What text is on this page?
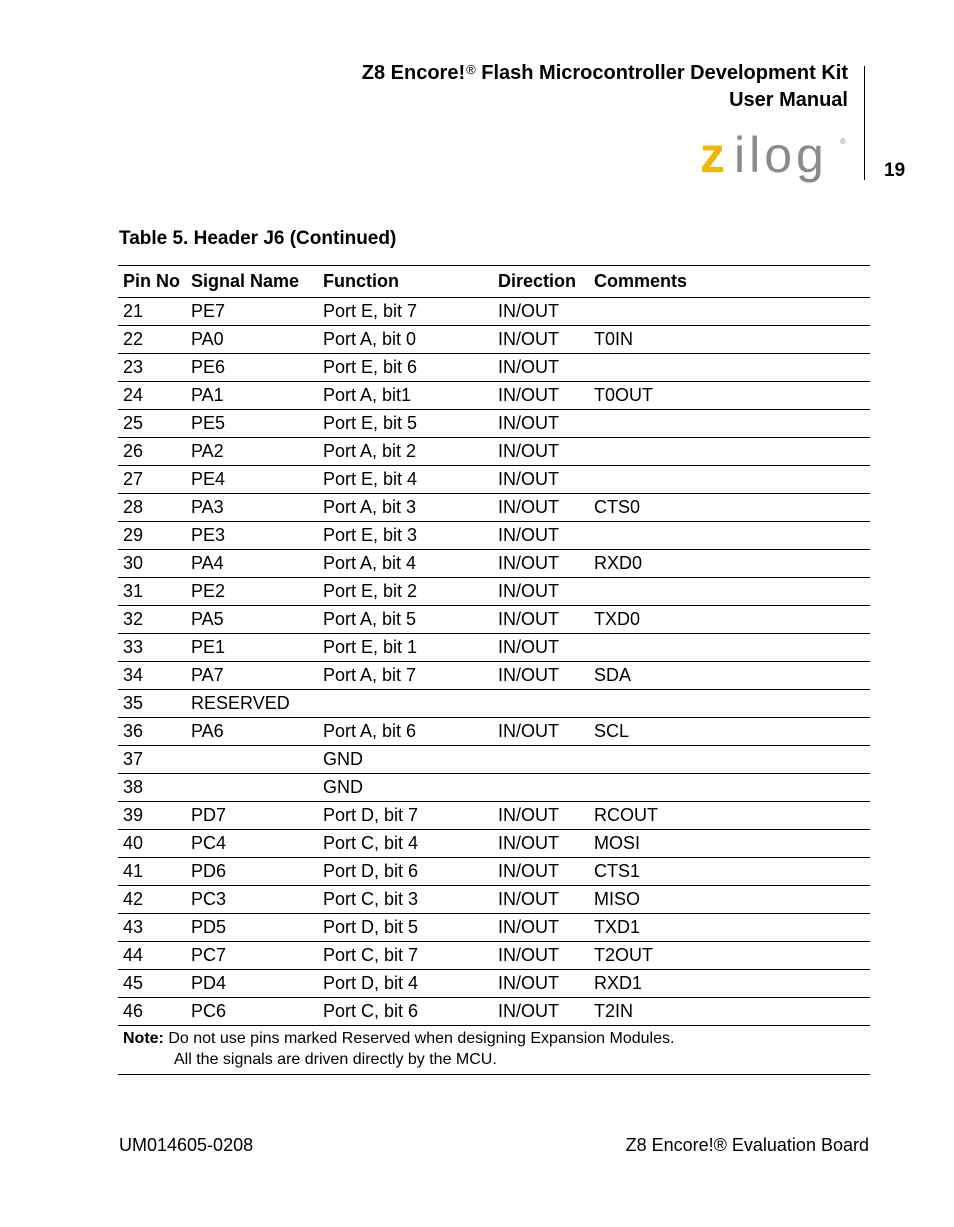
Z8 Encore!® Flash Microcontroller Development Kit
User Manual
z ilog ®
19
Table 5. Header J6 (Continued)
Pin No	Signal Name	Function	Direction	Comments
21	PE7	Port E, bit 7	IN/OUT	
22	PA0	Port A, bit 0	IN/OUT	T0IN
23	PE6	Port E, bit 6	IN/OUT	
24	PA1	Port A, bit1	IN/OUT	T0OUT
25	PE5	Port E, bit 5	IN/OUT	
26	PA2	Port A, bit 2	IN/OUT	
27	PE4	Port E, bit 4	IN/OUT	
28	PA3	Port A, bit 3	IN/OUT	CTS0
29	PE3	Port E, bit 3	IN/OUT	
30	PA4	Port A, bit 4	IN/OUT	RXD0
31	PE2	Port E, bit 2	IN/OUT	
32	PA5	Port A, bit 5	IN/OUT	TXD0
33	PE1	Port E, bit 1	IN/OUT	
34	PA7	Port A, bit 7	IN/OUT	SDA
35	RESERVED			
36	PA6	Port A, bit 6	IN/OUT	SCL
37		GND		
38		GND		
39	PD7	Port D, bit 7	IN/OUT	RCOUT
40	PC4	Port C, bit 4	IN/OUT	MOSI
41	PD6	Port D, bit 6	IN/OUT	CTS1
42	PC3	Port C, bit 3	IN/OUT	MISO
43	PD5	Port D, bit 5	IN/OUT	TXD1
44	PC7	Port C, bit 7	IN/OUT	T2OUT
45	PD4	Port D, bit 4	IN/OUT	RXD1
46	PC6	Port C, bit 6	IN/OUT	T2IN
Note: Do not use pins marked Reserved when designing Expansion Modules.
All the signals are driven directly by the MCU.				
UM014605-0208	Z8 Encore!® Evaluation Board
